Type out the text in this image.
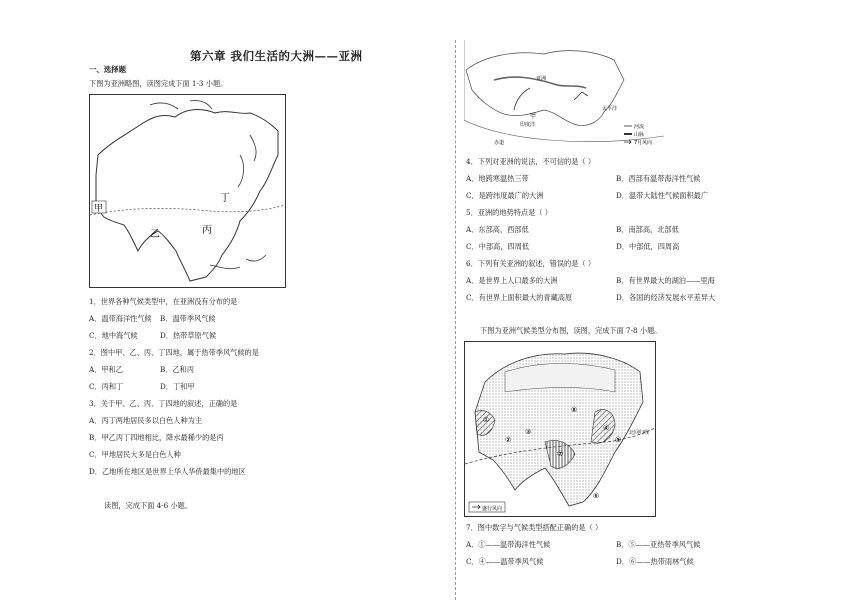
第六章 我们生活的大洲——亚洲
一、选择题
下图为亚洲略图，读图完成下面 1-3 小题。
甲
乙	丙
丁
1．世界各种气候类型中，在亚洲没有分布的是
A．温带海洋性气候 B．温带季风气候
C．地中海气候	D．热带草原气候
2．图中甲、乙、丙、丁四地，属于热带季风气候的是
A．甲和乙	B．乙和丙
C．丙和丁	D．丁和甲
3．关于甲、乙、丙、丁四地的叙述，正确的是
A．丙丁两地居民多以白色人种为主
B．甲乙丙丁四地相比，降水最稀少的是丙
C．甲地居民大多是白色人种
D．乙地所在地区是世界上华人华侨最集中的地区
读图，完成下面 4-6 小题。
太平洋
甲
印度洋
赤道
亚洲
河流
山脉
7月风向
4．下列对亚洲的说法，不可信的是（ ）
A．地跨寒温热三带	B．西部有温带海洋性气候
C．是跨纬度最广的大洲	D．温带大陆性气候面积最广
5．亚洲的地势特点是（ ）
A．东部高，西部低	B．南部高，北部低
C．中部高，四周低	D．中部低，四周高
6．下列有关亚洲的叙述，错误的是（ ）
A．是世界上人口最多的大洲	B．有世界最大的湖泊——里海
C．有世界上面积最大的青藏高原	D．各国的经济发展水平差异大
下图为亚洲气候类型分布图，读图，完成下面 7-8 小题。
①
②
③	④
⑤
⑥
⑦
⑧
北回归线
盛行风向
7．图中数字与气候类型搭配正确的是（ ）
A．①——温带海洋性气候	B．⑤——亚热带季风气候
C．④——温带季风气候	D．⑥——热带雨林气候
